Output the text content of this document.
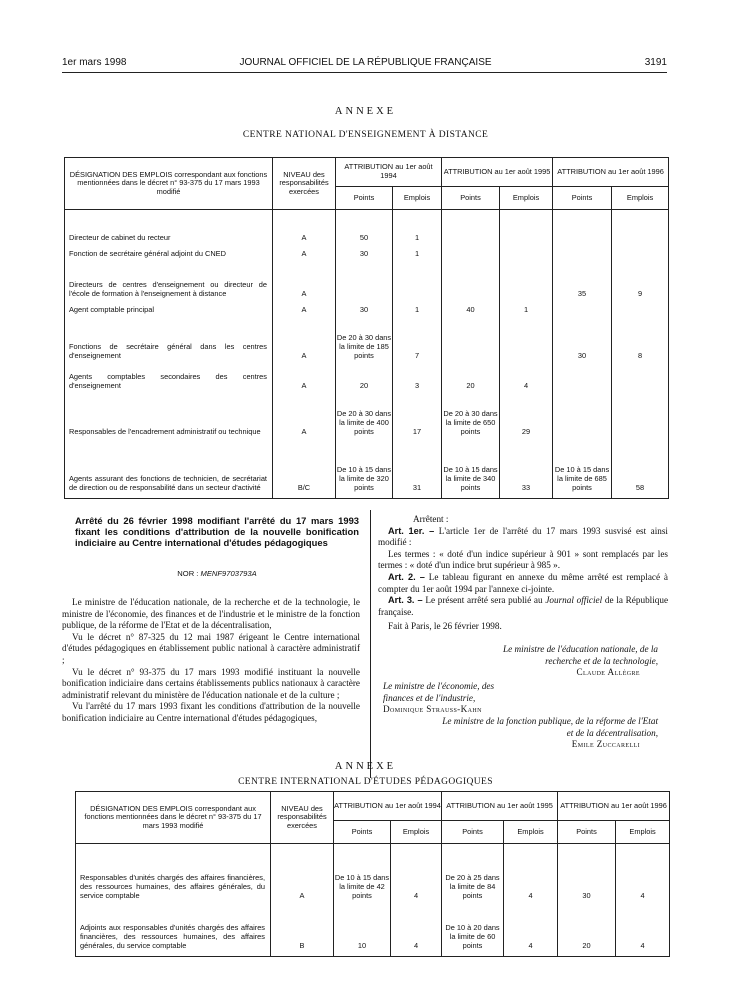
1er mars 1998	JOURNAL OFFICIEL DE LA RÉPUBLIQUE FRANÇAISE	3191
ANNEXE
CENTRE NATIONAL D'ENSEIGNEMENT À DISTANCE
DÉSIGNATION DES EMPLOIS correspondant aux fonctions mentionnées dans le décret n° 93-375 du 17 mars 1993 modifié	NIVEAU des responsabilités exercées	ATTRIBUTION au 1er août 1994		ATTRIBUTION au 1er août 1995		ATTRIBUTION au 1er août 1996	
		Points	Emplois	Points	Emplois	Points	Emplois

Directeur de cabinet du recteur	A	50	1				

Fonction de secrétaire général adjoint du CNED	A	30	1				

Directeurs de centres d'enseignement ou directeur de l'école de formation à l'enseignement à distance	A					35	9

Agent comptable principal	A	30	1	40	1		

Fonctions de secrétaire général dans les centres d'enseignement	A	De 20 à 30 dans la limite de 185 points	7			30	8

Agents comptables secondaires des centres d'enseignement	A	20	3	20	4		

Responsables de l'encadrement administratif ou technique	A	De 20 à 30 dans la limite de 400 points	17	De 20 à 30 dans la limite de 650 points	29		

Agents assurant des fonctions de technicien, de secrétariat de direction ou de responsabilité dans un secteur d'activité	B/C	De 10 à 15 dans la limite de 320 points	31	De 10 à 15 dans la limite de 340 points	33	De 10 à 15 dans la limite de 685 points	58

Arrêté du 26 février 1998 modifiant l'arrêté du 17 mars 1993 fixant les conditions d'attribution de la nouvelle bonification indiciaire au Centre international d'études pédagogiques
NOR : MENF9703793A

Le ministre de l'éducation nationale, de la recherche et de la technologie, le ministre de l'économie, des finances et de l'industrie et le ministre de la fonction publique, de la réforme de l'Etat et de la décentralisation,

Vu le décret n° 87-325 du 12 mai 1987 érigeant le Centre international d'études pédagogiques en établissement public national à caractère administratif ;

Vu le décret n° 93-375 du 17 mars 1993 modifié instituant la nouvelle bonification indiciaire dans certains établissements publics nationaux à caractère administratif relevant du ministère de l'éducation nationale et de la culture ;

Vu l'arrêté du 17 mars 1993 fixant les conditions d'attribution de la nouvelle bonification indiciaire au Centre international d'études pédagogiques,

Arrêtent :

Art. 1er. – L'article 1er de l'arrêté du 17 mars 1993 susvisé est ainsi modifié :

Les termes : « doté d'un indice supérieur à 901 » sont remplacés par les termes : « doté d'un indice brut supérieur à 985 ».

Art. 2. – Le tableau figurant en annexe du même arrêté est remplacé à compter du 1er août 1994 par l'annexe ci-jointe.

Art. 3. – Le présent arrêté sera publié au Journal officiel de la République française.

Fait à Paris, le 26 février 1998.

Le ministre de l'éducation nationale, de la recherche et de la technologie,
Claude Allègre
Le ministre de l'économie, des finances et de l'industrie,
Dominique Strauss-Kahn
Le ministre de la fonction publique, de la réforme de l'Etat et de la décentralisation,
Emile Zuccarelli
ANNEXE
CENTRE INTERNATIONAL D'ÉTUDES PÉDAGOGIQUES
DÉSIGNATION DES EMPLOIS correspondant aux fonctions mentionnées dans le décret n° 93-375 du 17 mars 1993 modifié	NIVEAU des responsabilités exercées	ATTRIBUTION au 1er août 1994		ATTRIBUTION au 1er août 1995		ATTRIBUTION au 1er août 1996	
		Points	Emplois	Points	Emplois	Points	Emplois

Responsables d'unités chargés des affaires financières, des ressources humaines, des affaires générales, du service comptable	A	De 10 à 15 dans la limite de 42 points	4	De 20 à 25 dans la limite de 84 points	4	30	4

Adjoints aux responsables d'unités chargés des affaires financières, des ressources humaines, des affaires générales, du service comptable	B	10	4	De 10 à 20 dans la limite de 60 points	4	20	4
